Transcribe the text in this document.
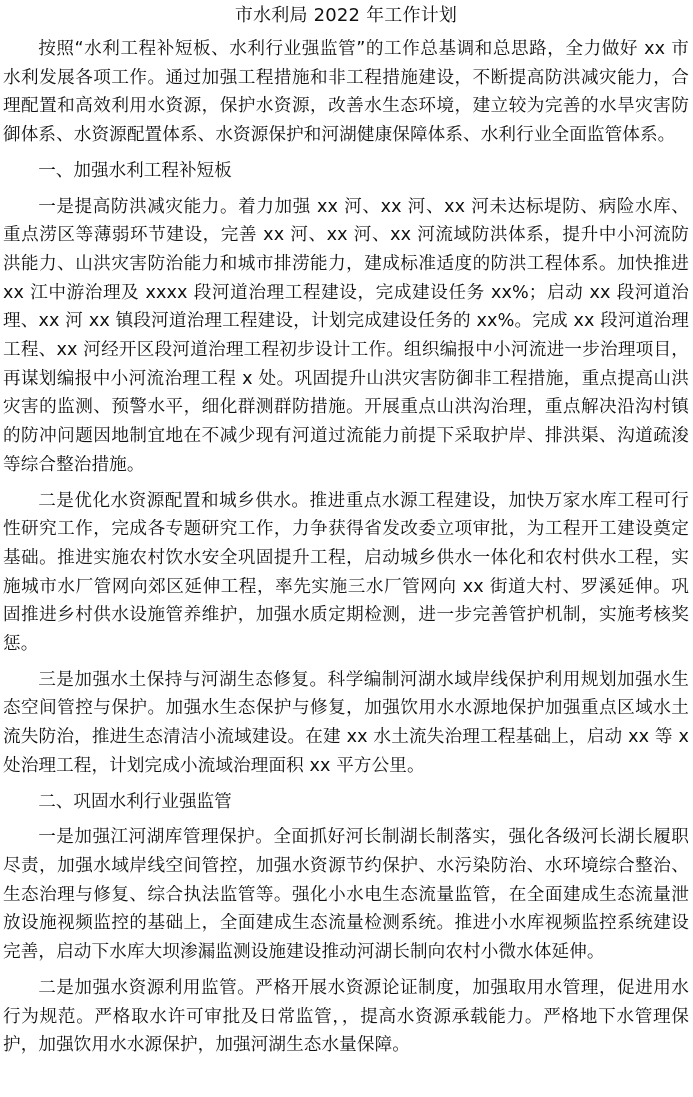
市水利局 2022 年工作计划

按照“水利工程补短板、水利行业强监管”的工作总基调和总思路，全力做好 xx 市水利发展各项工作。通过加强工程措施和非工程措施建设，不断提高防洪减灾能力，合理配置和高效利用水资源，保护水资源，改善水生态环境，建立较为完善的水旱灾害防御体系、水资源配置体系、水资源保护和河湖健康保障体系、水利行业全面监管体系。

一、加强水利工程补短板

一是提高防洪减灾能力。着力加强 xx 河、xx 河、xx 河未达标堤防、病险水库、重点涝区等薄弱环节建设，完善 xx 河、xx 河、xx 河流域防洪体系，提升中小河流防洪能力、山洪灾害防治能力和城市排涝能力，建成标准适度的防洪工程体系。加快推进 xx 江中游治理及 xxxx 段河道治理工程建设，完成建设任务 xx%；启动 xx 段河道治理、xx 河 xx 镇段河道治理工程建设，计划完成建设任务的 xx%。完成 xx 段河道治理工程、xx 河经开区段河道治理工程初步设计工作。组织编报中小河流进一步治理项目，再谋划编报中小河流治理工程 x 处。巩固提升山洪灾害防御非工程措施，重点提高山洪灾害的监测、预警水平，细化群测群防措施。开展重点山洪沟治理，重点解决沿沟村镇的防冲问题因地制宜地在不减少现有河道过流能力前提下采取护岸、排洪渠、沟道疏浚等综合整治措施。

二是优化水资源配置和城乡供水。推进重点水源工程建设，加快万家水库工程可行性研究工作，完成各专题研究工作，力争获得省发改委立项审批，为工程开工建设奠定基础。推进实施农村饮水安全巩固提升工程，启动城乡供水一体化和农村供水工程，实施城市水厂管网向郊区延伸工程，率先实施三水厂管网向 xx 街道大村、罗溪延伸。巩固推进乡村供水设施管养维护，加强水质定期检测，进一步完善管护机制，实施考核奖惩。

三是加强水土保持与河湖生态修复。科学编制河湖水域岸线保护利用规划加强水生态空间管控与保护。加强水生态保护与修复，加强饮用水水源地保护加强重点区域水土流失防治，推进生态清洁小流域建设。在建 xx 水土流失治理工程基础上，启动 xx 等 x 处治理工程，计划完成小流域治理面积 xx 平方公里。

二、巩固水利行业强监管

一是加强江河湖库管理保护。全面抓好河长制湖长制落实，强化各级河长湖长履职尽责，加强水域岸线空间管控，加强水资源节约保护、水污染防治、水环境综合整治、生态治理与修复、综合执法监管等。强化小水电生态流量监管，在全面建成生态流量泄放设施视频监控的基础上，全面建成生态流量检测系统。推进小水库视频监控系统建设完善，启动下水库大坝渗漏监测设施建设推动河湖长制向农村小微水体延伸。

二是加强水资源利用监管。严格开展水资源论证制度，加强取用水管理，促进用水行为规范。严格取水许可审批及日常监管，，提高水资源承载能力。严格地下水管理保护，加强饮用水水源保护，加强河湖生态水量保障。
